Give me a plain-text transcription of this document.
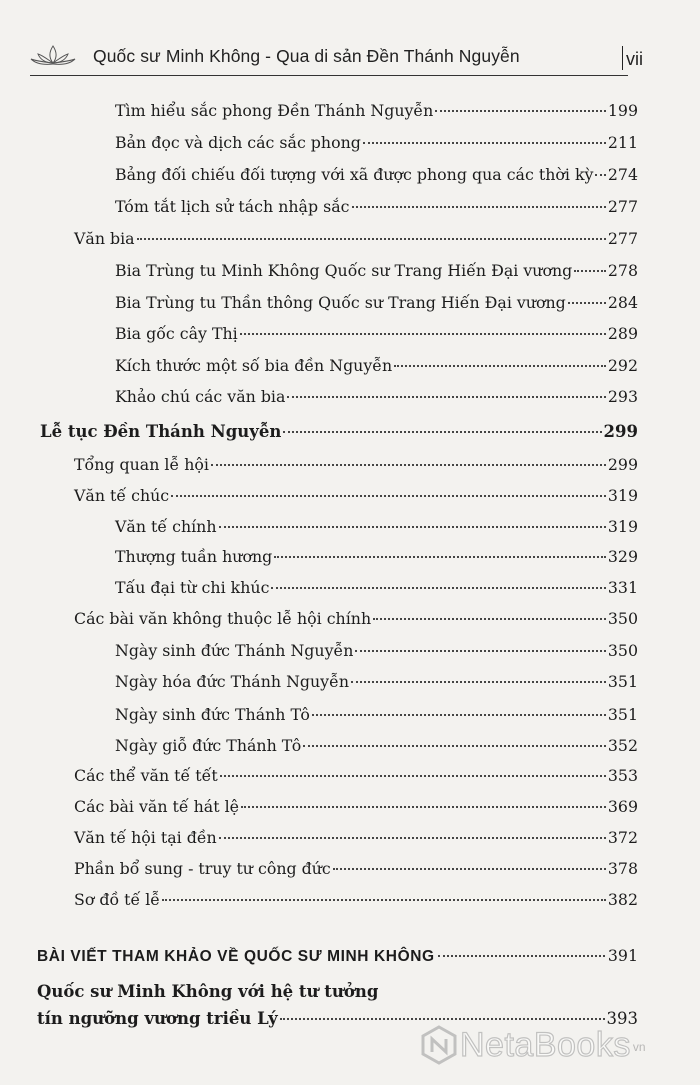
Quốc sư Minh Không - Qua di sản Đền Thánh Nguyễn	vii
Tìm hiểu sắc phong Đền Thánh Nguyễn	199
Bản đọc và dịch các sắc phong	211
Bảng đối chiếu đối tượng với xã được phong qua các thời kỳ 274
Tóm tắt lịch sử tách nhập sắc	277
Văn bia	277
Bia Trùng tu Minh Không Quốc sư Trang Hiến Đại vương 278
Bia Trùng tu Thần thông Quốc sư Trang Hiến Đại vương	284
Bia gốc cây Thị	289
Kích thước một số bia đền Nguyễn	292
Khảo chú các văn bia	293
Lễ tục Đền Thánh Nguyễn	299
Tổng quan lễ hội	299
Văn tế chúc	319
Văn tế chính	319
Thượng tuần hương	329
Tấu đại từ chi khúc	331
Các bài văn không thuộc lễ hội chính	350
Ngày sinh đức Thánh Nguyễn	350
Ngày hóa đức Thánh Nguyễn	351
Ngày sinh đức Thánh Tô	351
Ngày giỗ đức Thánh Tô	352
Các thể văn tế tết	353
Các bài văn tế hát lệ	369
Văn tế hội tại đền	372
Phần bổ sung - truy tư công đức	378
Sơ đồ tế lễ	382
BÀI VIẾT THAM KHẢO VỀ QUỐC SƯ MINH KHÔNG	391
Quốc sư Minh Không với hệ tư tưởng
tín ngưỡng vương triều Lý	393
NetaBooks vn
